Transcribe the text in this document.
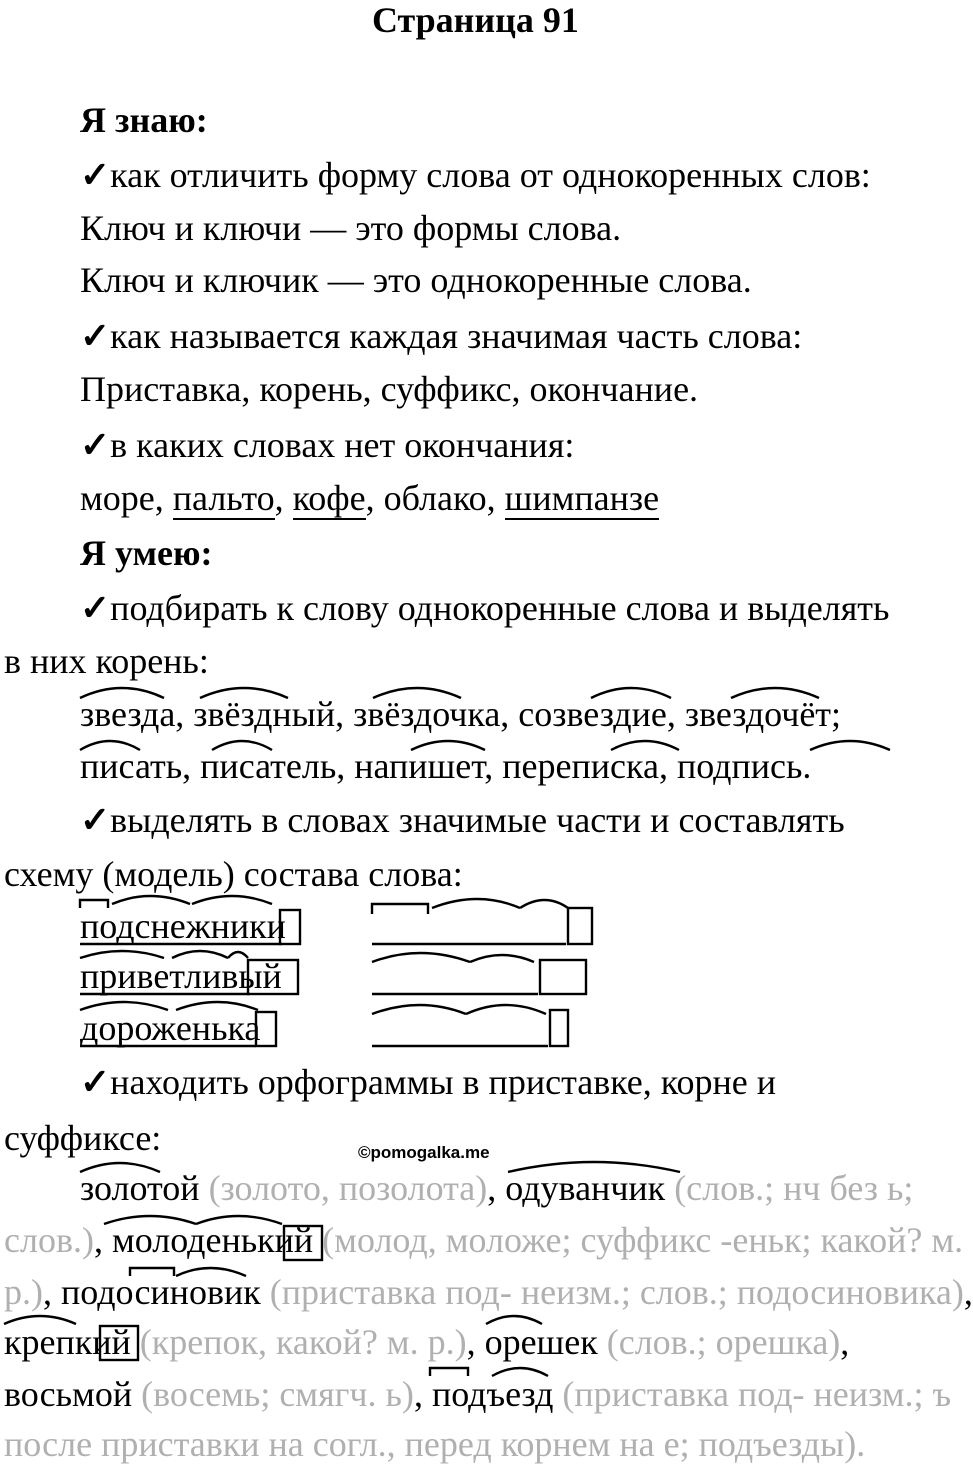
Страница 91
Я знаю:
✓как отличить форму слова от однокоренных слов:
Ключ и ключи — это формы слова.
Ключ и ключик — это однокоренные слова.
✓как называется каждая значимая часть слова:
Приставка, корень, суффикс, окончание.
✓в каких словах нет окончания:
море, пальто, кофе, облако, шимпанзе
Я умею:
✓подбирать к слову однокоренные слова и выделять
в них корень:
звезда, звёздный, звёздочка, созвездие, звездочёт;
писать, писатель, напишет, переписка, подпись.
✓выделять в словах значимые части и составлять
схему (модель) состава слова:
подснежники
приветливый
дороженька
✓находить орфограммы в приставке, корне и
суффиксе:	©pomogalka.me
золотой (золото, позолота), одуванчик (слов.; нч без ь;
слов.), молоденький (молод, моложе; суффикс -еньк; какой? м.
р.), подосиновик (приставка под- неизм.; слов.; подосиновика),
крепкий (крепок, какой? м. р.), орешек (слов.; орешка),
восьмой (восемь; смягч. ь), подъезд (приставка под- неизм.; ъ
после приставки на согл., перед корнем на е; подъезды).
